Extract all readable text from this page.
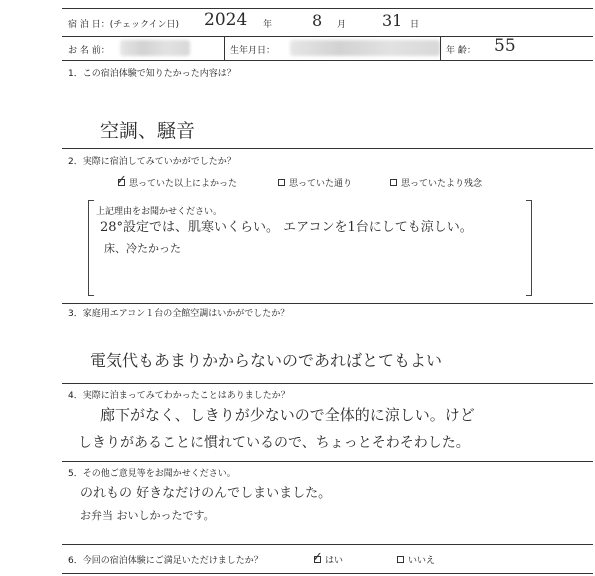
宿 泊 日：(チェックイン日) 2024 年 8 月 31 日
お 名 前：	生年月日：	年 齢： 55
1．この宿泊体験で知りたかった内容は？
空調、騒音
2．実際に宿泊してみていかがでしたか？
✓ 思っていた以上によかった	思っていた通り	思っていたより残念
上記理由をお聞かせください。
28°設定では、肌寒いくらい。 エアコンを1台にしても涼しい。
床、冷たかった
3．家庭用エアコン１台の全館空調はいかがでしたか？
電気代もあまりかからないのであればとてもよい
4．実際に泊まってみてわかったことはありましたか？
廊下がなく、しきりが少ないので全体的に涼しい。けど
しきりがあることに慣れているので、ちょっとそわそわした。
5．その他ご意見等をお聞かせください。
のれもの 好きなだけのんでしまいました。
お弁当 おいしかったです。
6．今回の宿泊体験にご満足いただけましたか？	✓ はい	いいえ
